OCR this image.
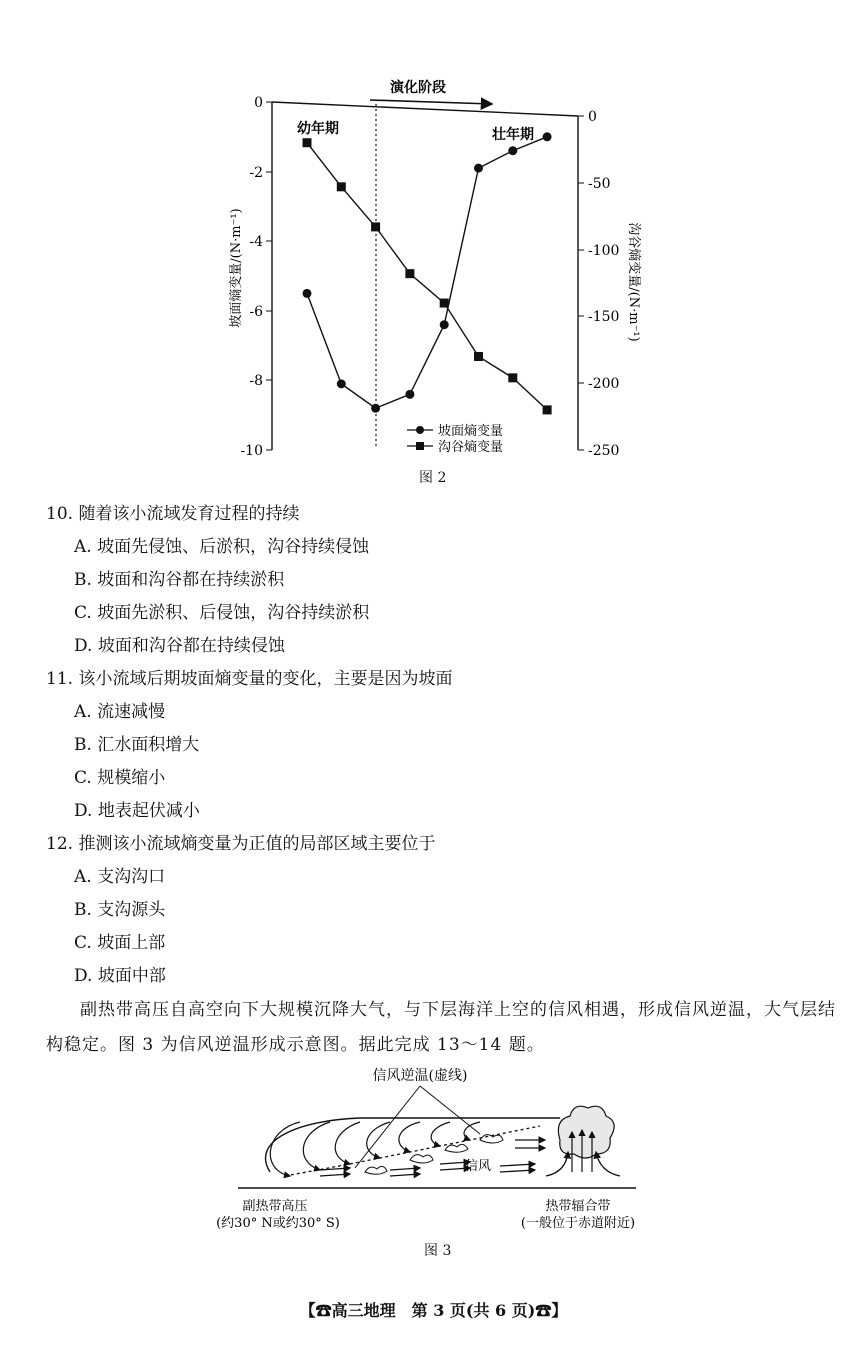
演化阶段
幼年期	壮年期
0
-2
-4
-6
-8
-10
0
-50
-100
-150
-200
-250
坡面熵变量/(N·m⁻¹)	沟谷熵变量/(N·m⁻¹)
坡面熵变量
沟谷熵变量
图 2

10. 随着该小流域发育过程的持续

A. 坡面先侵蚀、后淤积，沟谷持续侵蚀

B. 坡面和沟谷都在持续淤积

C. 坡面先淤积、后侵蚀，沟谷持续淤积

D. 坡面和沟谷都在持续侵蚀

11. 该小流域后期坡面熵变量的变化，主要是因为坡面

A. 流速减慢

B. 汇水面积增大

C. 规模缩小

D. 地表起伏减小

12. 推测该小流域熵变量为正值的局部区域主要位于

A. 支沟沟口

B. 支沟源头

C. 坡面上部

D. 坡面中部

副热带高压自高空向下大规模沉降大气，与下层海洋上空的信风相遇，形成信风逆温，大气层结构稳定。图 3 为信风逆温形成示意图。据此完成 13～14 题。

信风逆温(虚线)
信风
副热带高压
(约30° N或约30° S)
热带辐合带
(一般位于赤道附近)
图 3
【☎高三地理　第 3 页(共 6 页)☎】
